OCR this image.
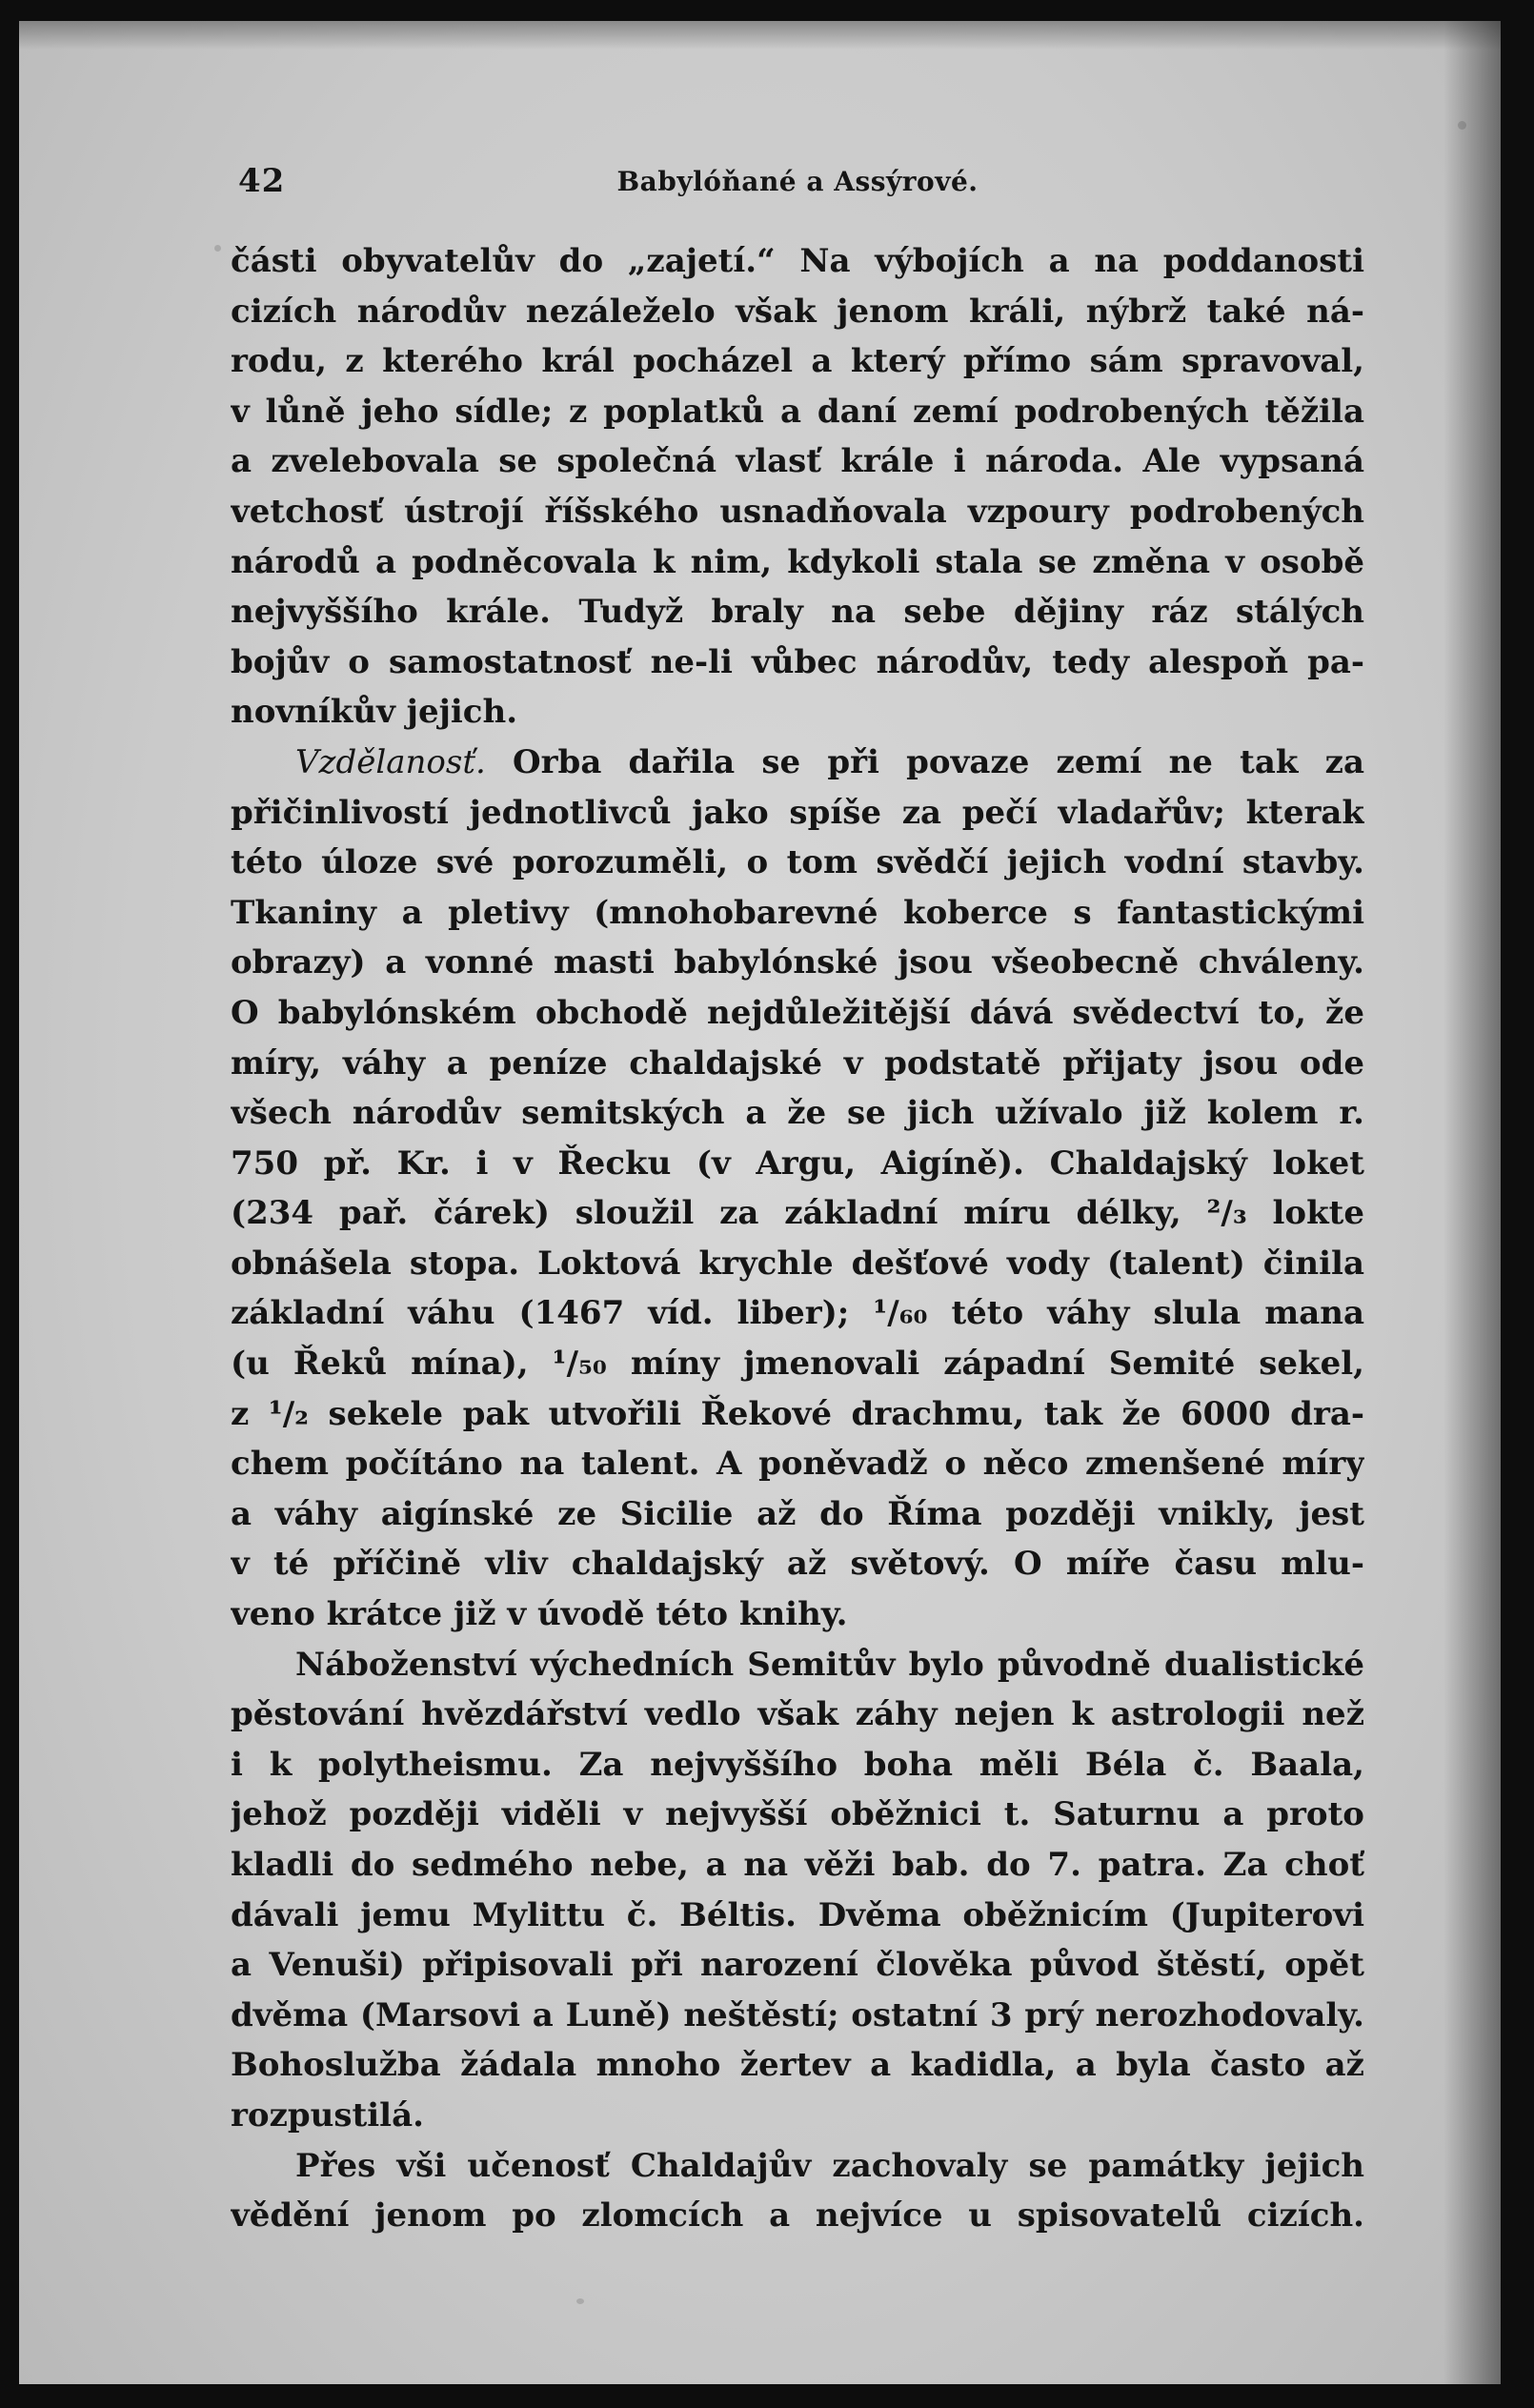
42	Babylóňané a Assýrové.
části obyvatelův do „zajetí.“ Na výbojích a na poddanosti
cizích národův nezáleželo však jenom králi, nýbrž také ná-
rodu, z kterého král pocházel a který přímo sám spravoval,
v lůně jeho sídle; z poplatků a daní zemí podrobených těžila
a zvelebovala se společná vlasť krále i národa. Ale vypsaná
vetchosť ústrojí říšského usnadňovala vzpoury podrobených
národů a podněcovala k nim, kdykoli stala se změna v osobě
nejvyššího krále. Tudyž braly na sebe dějiny ráz stálých
bojův o samostatnosť ne-li vůbec národův, tedy alespoň pa-
novníkův jejich.
Vzdělanosť. Orba dařila se při povaze zemí ne tak za
přičinlivostí jednotlivců jako spíše za pečí vladařův; kterak
této úloze své porozuměli, o tom svědčí jejich vodní stavby.
Tkaniny a pletivy (mnohobarevné koberce s fantastickými
obrazy) a vonné masti babylónské jsou všeobecně chváleny.
O babylónském obchodě nejdůležitější dává svědectví to, že
míry, váhy a peníze chaldajské v podstatě přijaty jsou ode
všech národův semitských a že se jich užívalo již kolem r.
750 př. Kr. i v Řecku (v Argu, Aigíně). Chaldajský loket
(234 pař. čárek) sloužil za základní míru délky, ²/₃ lokte
obnášela stopa. Loktová krychle dešťové vody (talent) činila
základní váhu (1467 víd. liber); ¹/₆₀ této váhy slula mana
(u Řeků mína), ¹/₅₀ míny jmenovali západní Semité sekel,
z ¹/₂ sekele pak utvořili Řekové drachmu, tak že 6000 dra-
chem počítáno na talent. A poněvadž o něco zmenšené míry
a váhy aigínské ze Sicilie až do Říma později vnikly, jest
v té příčině vliv chaldajský až světový. O míře času mlu-
veno krátce již v úvodě této knihy.
Náboženství výchedních Semitův bylo původně dualistické
pěstování hvězdářství vedlo však záhy nejen k astrologii než
i k polytheismu. Za nejvyššího boha měli Béla č. Baala,
jehož později viděli v nejvyšší oběžnici t. Saturnu a proto
kladli do sedmého nebe, a na věži bab. do 7. patra. Za choť
dávali jemu Mylittu č. Béltis. Dvěma oběžnicím (Jupiterovi
a Venuši) připisovali při narození člověka původ štěstí, opět
dvěma (Marsovi a Luně) neštěstí; ostatní 3 prý nerozhodovaly.
Bohoslužba žádala mnoho žertev a kadidla, a byla často až
rozpustilá.
Přes vši učenosť Chaldajův zachovaly se památky jejich
vědění jenom po zlomcích a nejvíce u spisovatelů cizích.
